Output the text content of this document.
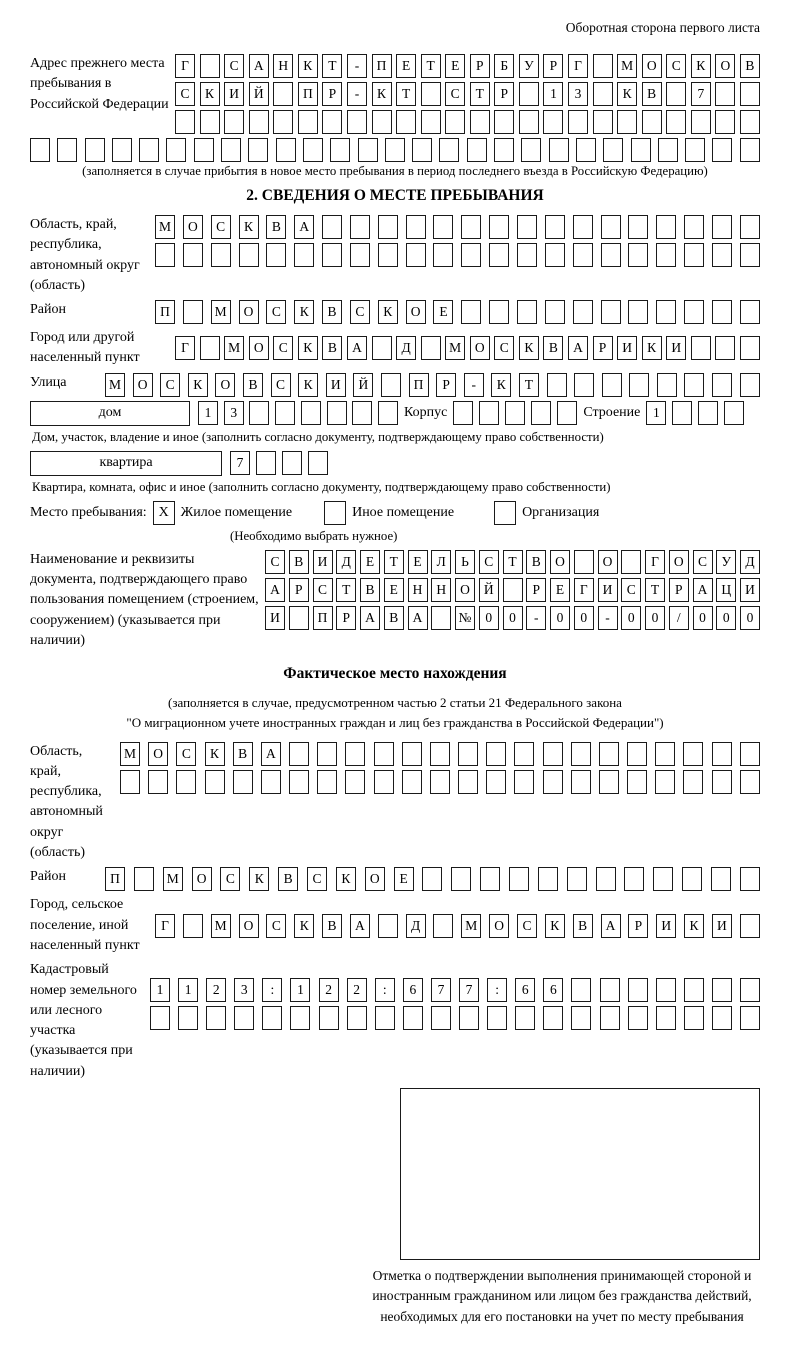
Оборотная сторона первого листа
Адрес прежнего места пребывания в Российской Федерации
Г	С	А	Н	К	Т	-	П	Е	Т	Е	Р	Б	У	Р	Г	М	О	С	К	О	В
С	К	И	Й	П	Р	-	К	Т	С	Т	Р	1	3	К	В	7
(заполняется в случае прибытия в новое место пребывания в период последнего въезда в Российскую Федерацию)
2. СВЕДЕНИЯ О МЕСТЕ ПРЕБЫВАНИЯ
Область, край, республика, автономный округ (область)
М	О	С	К	В	А
Район	П	М	О	С	К	В	С	К	О	Е
Город или другой населенный пункт
Г	М	О	С	К	В	А	Д	М	О	С	К	В	А	Р	И	К	И
Улица	М	О	С	К	О	В	С	К	И	Й	П	Р	-	К	Т
дом	1	3	Корпус	Строение 1
Дом, участок, владение и иное (заполнить согласно документу, подтверждающему право собственности)
квартира	7
Квартира, комната, офис и иное (заполнить согласно документу, подтверждающему право собственности)
Место пребывания: X Жилое помещение	Иное помещение	Организация
(Необходимо выбрать нужное)
Наименование и реквизиты документа, подтверждающего право пользования помещением (строением, сооружением) (указывается при наличии)
С	В	И	Д	Е	Т	Е	Л	Ь	С	Т	В	О	О	Г	О	С	У	Д
А	Р	С	Т	В	Е	Н	Н	О	Й	Р	Е	Г	И	С	Т	Р	А	Ц	И
И	П	Р	А	В	А	№	0	0	-	0	0	-	0	0	/	0	0	0
Фактическое место нахождения
(заполняется в случае, предусмотренном частью 2 статьи 21 Федерального закона
"О миграционном учете иностранных граждан и лиц без гражданства в Российской Федерации")
Область, край, республика, автономный округ (область)
М	О	С	К	В	А
Район	П	М	О	С	К	В	С	К	О	Е
Город, сельское поселение, иной населенный пункт
Г	М	О	С	К	В	А	Д	М	О	С	К	В	А	Р	И	К	И
Кадастровый номер земельного или лесного участка (указывается при наличии)
1	1	2	3	:	1	2	2	:	6	7	7	:	6	6
Отметка о подтверждении выполнения принимающей стороной и иностранным гражданином или лицом без гражданства действий, необходимых для его постановки на учет по месту пребывания
